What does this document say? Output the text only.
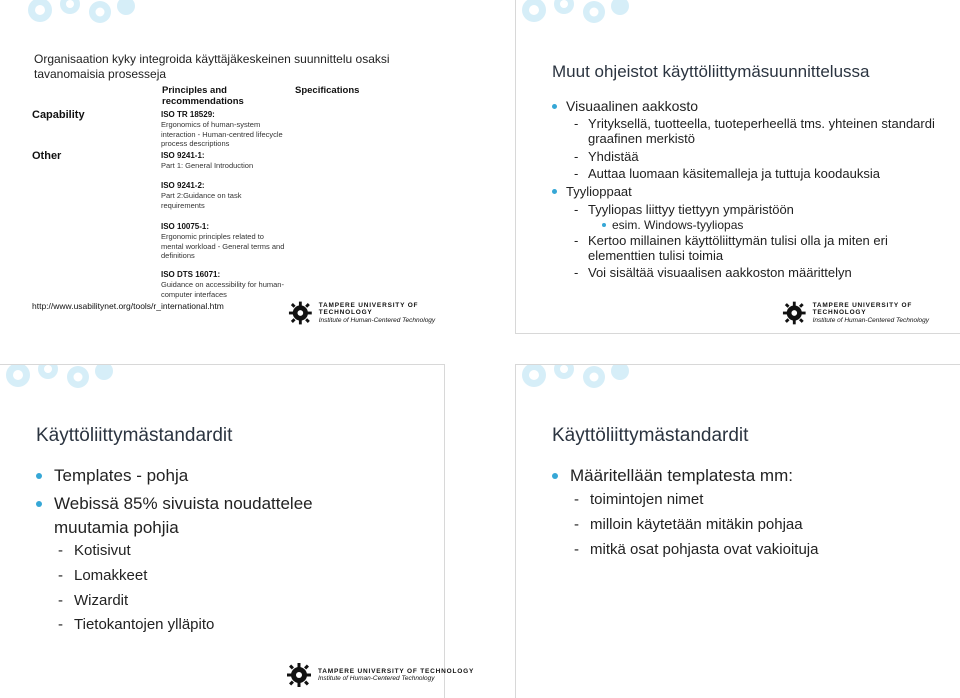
Organisaation kyky integroida käyttäjäkeskeinen suunnittelu osaksi tavanomaisia prosesseja
Principles and recommendations
Specifications
Capability
Other
ISO TR 18529:
Ergonomics of human-system interaction - Human-centred lifecycle process descriptions
ISO 9241-1:
Part 1: General Introduction
ISO 9241-2:
Part 2:Guidance on task requirements
ISO 10075-1:
Ergonomic principles related to mental workload - General terms and definitions
ISO DTS 16071:
Guidance on accessibility for human-computer interfaces
http://www.usabilitynet.org/tools/r_international.htm	TAMPERE UNIVERSITY OF TECHNOLOGY
Institute of Human-Centered Technology
Muut ohjeistot käyttöliittymäsuunnittelussa
Visuaalinen aakkosto
- Yrityksellä, tuotteella, tuoteperheellä tms. yhteinen standardi graafinen merkistö
- Yhdistää
- Auttaa luomaan käsitemalleja ja tuttuja koodauksia
Tyylioppaat
- Tyyliopas liittyy tiettyyn ympäristöön
esim. Windows-tyyliopas
- Kertoo millainen käyttöliittymän tulisi olla ja miten eri elementtien tulisi toimia
- Voi sisältää visuaalisen aakkoston määrittelyn
TAMPERE UNIVERSITY OF TECHNOLOGY
Institute of Human-Centered Technology
Käyttöliittymästandardit
Templates - pohja
Webissä 85% sivuista noudattelee muutamia pohjia
- Kotisivut
- Lomakkeet
- Wizardit
- Tietokantojen ylläpito
Käyttöliittymästandardit
Määritellään templatesta mm:
- toimintojen nimet
- milloin käytetään mitäkin pohjaa
- mitkä osat pohjasta ovat vakioituja
TAMPERE UNIVERSITY OF TECHNOLOGY
Institute of Human-Centered Technology
